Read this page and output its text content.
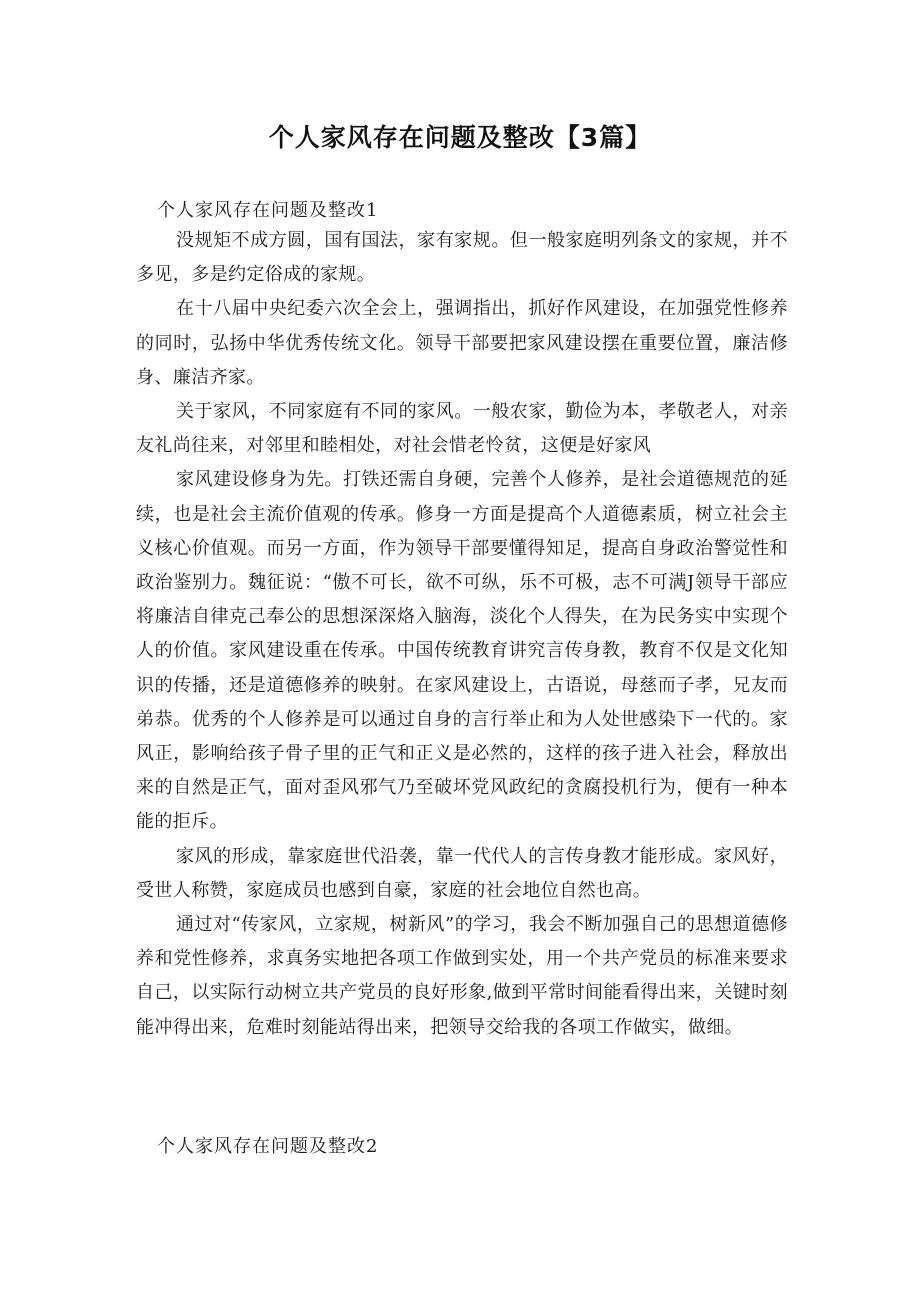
个人家风存在问题及整改【3篇】

个人家风存在问题及整改1

没规矩不成方圆，国有国法，家有家规。但一般家庭明列条文的家规，并不多见，多是约定俗成的家规。

在十八届中央纪委六次全会上，强调指出，抓好作风建设，在加强党性修养的同时，弘扬中华优秀传统文化。领导干部要把家风建设摆在重要位置，廉洁修身、廉洁齐家。

关于家风，不同家庭有不同的家风。一般农家，勤俭为本，孝敬老人，对亲友礼尚往来，对邻里和睦相处，对社会惜老怜贫，这便是好家风

家风建设修身为先。打铁还需自身硬，完善个人修养，是社会道德规范的延续，也是社会主流价值观的传承。修身一方面是提高个人道德素质，树立社会主义核心价值观。而另一方面，作为领导干部要懂得知足，提高自身政治警觉性和政治鉴别力。魏征说：“傲不可长，欲不可纵，乐不可极，志不可满J领导干部应将廉洁自律克己奉公的思想深深烙入脑海，淡化个人得失，在为民务实中实现个人的价值。家风建设重在传承。中国传统教育讲究言传身教，教育不仅是文化知识的传播，还是道德修养的映射。在家风建设上，古语说，母慈而子孝，兄友而弟恭。优秀的个人修养是可以通过自身的言行举止和为人处世感染下一代的。家风正，影响给孩子骨子里的正气和正义是必然的，这样的孩子进入社会，释放出来的自然是正气，面对歪风邪气乃至破坏党风政纪的贪腐投机行为，便有一种本能的拒斥。

家风的形成，靠家庭世代沿袭，靠一代代人的言传身教才能形成。家风好，受世人称赞，家庭成员也感到自豪，家庭的社会地位自然也高。

通过对“传家风，立家规，树新风”的学习，我会不断加强自己的思想道德修养和党性修养，求真务实地把各项工作做到实处，用一个共产党员的标准来要求自己，以实际行动树立共产党员的良好形象,做到平常时间能看得出来，关键时刻能冲得出来，危难时刻能站得出来，把领导交给我的各项工作做实，做细。

个人家风存在问题及整改2
